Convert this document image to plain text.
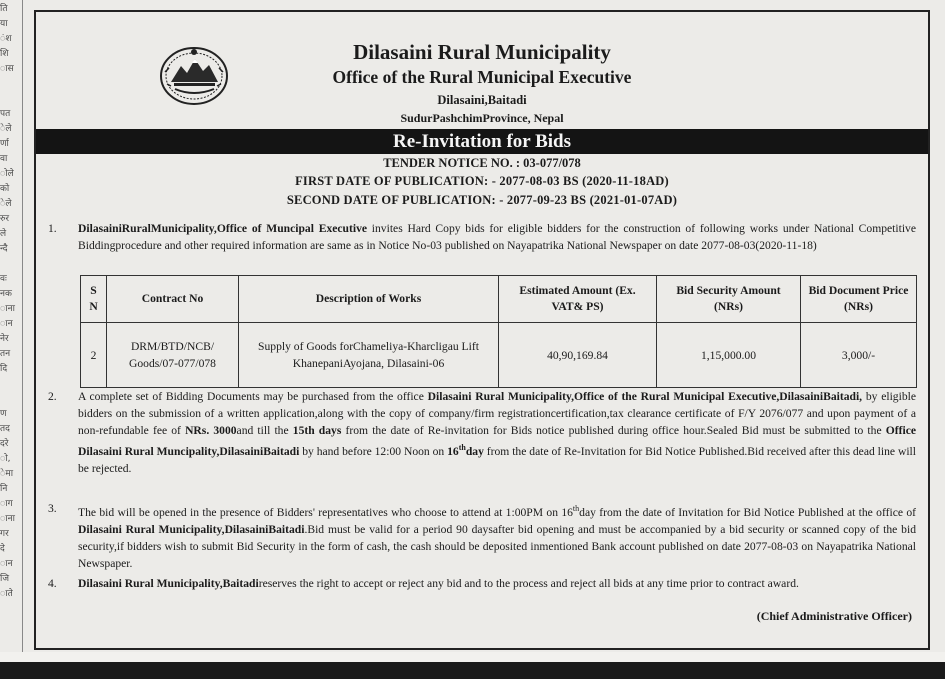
ति
या
ंश
शि
ास

पत
ेले
र्णा
वा
ोले
को
ेले
रुर
ले
न्दै

वः
नक
ाना
ान
नेर
तन
दि

ण
तद
दरे
ो,
ेमा
नि
ाग
ाना
गर
दे
ान
जि
ाते
Dilasaini Rural Municipality
Office of the Rural Municipal Executive
Dilasaini,Baitadi
SudurPashchimProvince, Nepal
Re-Invitation for Bids
TENDER NOTICE NO. : 03-077/078
FIRST DATE OF PUBLICATION: - 2077-08-03 BS (2020-11-18AD)
SECOND DATE OF PUBLICATION: - 2077-09-23 BS (2021-01-07AD)
1. DilasainiRuralMunicipality,Office of Muncipal Executive invites Hard Copy bids for eligible bidders for the construction of following works under National Competitive Biddingprocedure and other required information are same as in Notice No-03 published on Nayapatrika National Newspaper on date 2077-08-03(2020-11-18)
S N	Contract No	Description of Works	Estimated Amount (Ex. VAT& PS)	Bid Security Amount (NRs)	Bid Document Price (NRs)
2	DRM/BTD/NCB/ Goods/07-077/078	Supply of Goods forChameliya-Kharcligau Lift KhanepaniAyojana, Dilasaini-06	40,90,169.84	1,15,000.00	3,000/-
2. A complete set of Bidding Documents may be purchased from the office Dilasaini Rural Municipality,Office of the Rural Municipal Executive,DilasainiBaitadi, by eligible bidders on the submission of a written application,along with the copy of company/firm registrationcertification,tax clearance certificate of F/Y 2076/077 and upon payment of a non-refundable fee of NRs. 3000and till the 15th days from the date of Re-invitation for Bids notice published during office hour.Sealed Bid must be submitted to the Office Dilasaini Rural Muncipality,DilasainiBaitadi by hand before 12:00 Noon on 16thday from the date of Re-Invitation for Bid Notice Published.Bid received after this dead line will be rejected.
3. The bid will be opened in the presence of Bidders' representatives who choose to attend at 1:00PM on 16thday from the date of Invitation for Bid Notice Published at the office of Dilasaini Rural Municipality,DilasainiBaitadi.Bid must be valid for a period 90 daysafter bid opening and must be accompanied by a bid security or scanned copy of the bid security,if bidders wish to submit Bid Security in the form of cash, the cash should be deposited inmentioned Bank account published on date 2077-08-03 on Nayapatrika National Newspaper.
4. Dilasaini Rural Municipality,Baitadireserves the right to accept or reject any bid and to the process and reject all bids at any time prior to contract award.
(Chief Administrative Officer)
